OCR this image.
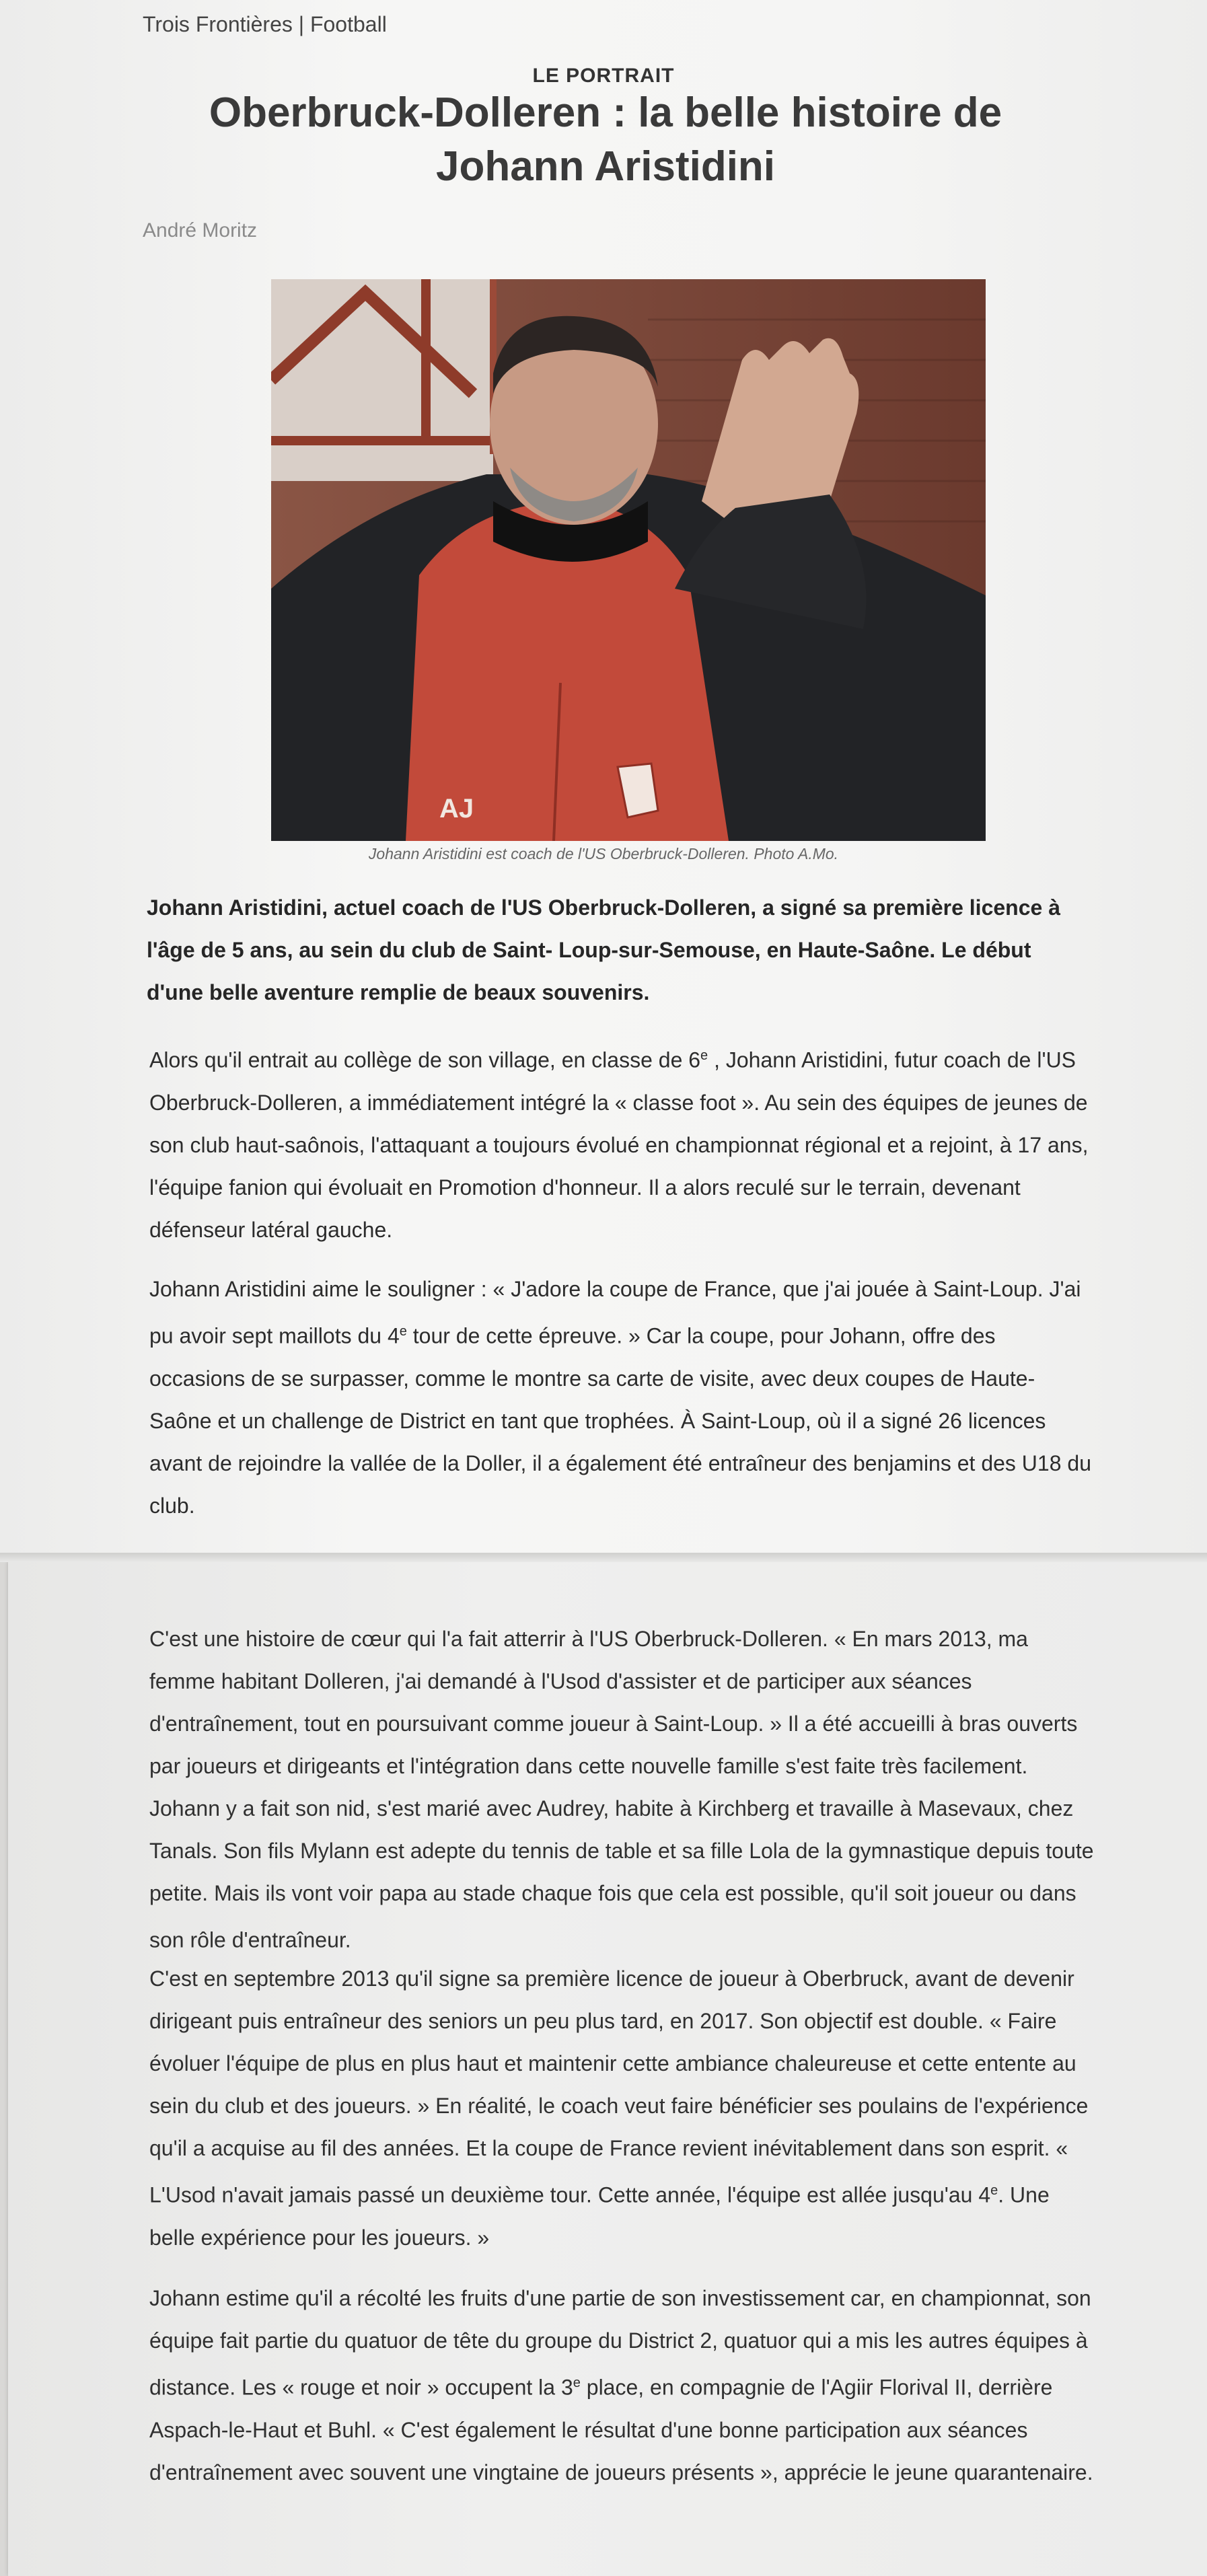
Trois Frontières | Football
LE PORTRAIT
Oberbruck-Dolleren : la belle histoire de Johann Aristidini
André Moritz
AJ
Johann Aristidini est coach de l'US Oberbruck-Dolleren. Photo A.Mo.
Johann Aristidini, actuel coach de l'US Oberbruck-Dolleren, a signé sa première licence à l'âge de 5 ans, au sein du club de Saint- Loup-sur-Semouse, en Haute-Saône. Le début d'une belle aventure remplie de beaux souvenirs.
Alors qu'il entrait au collège de son village, en classe de 6e , Johann Aristidini, futur coach de l'US Oberbruck-Dolleren, a immédiatement intégré la « classe foot ». Au sein des équipes de jeunes de son club haut-saônois, l'attaquant a toujours évolué en championnat régional et a rejoint, à 17 ans, l'équipe fanion qui évoluait en Promotion d'honneur. Il a alors reculé sur le terrain, devenant défenseur latéral gauche.
Johann Aristidini aime le souligner : « J'adore la coupe de France, que j'ai jouée à Saint-Loup. J'ai pu avoir sept maillots du 4e tour de cette épreuve. » Car la coupe, pour Johann, offre des occasions de se surpasser, comme le montre sa carte de visite, avec deux coupes de Haute-Saône et un challenge de District en tant que trophées. À Saint-Loup, où il a signé 26 licences avant de rejoindre la vallée de la Doller, il a également été entraîneur des benjamins et des U18 du club.
C'est une histoire de cœur qui l'a fait atterrir à l'US Oberbruck-Dolleren. « En mars 2013, ma femme habitant Dolleren, j'ai demandé à l'Usod d'assister et de participer aux séances d'entraînement, tout en poursuivant comme joueur à Saint-Loup. » Il a été accueilli à bras ouverts par joueurs et dirigeants et l'intégration dans cette nouvelle famille s'est faite très facilement. Johann y a fait son nid, s'est marié avec Audrey, habite à Kirchberg et travaille à Masevaux, chez Tanals. Son fils Mylann est adepte du tennis de table et sa fille Lola de la gymnastique depuis toute petite. Mais ils vont voir papa au stade chaque fois que cela est possible, qu'il soit joueur ou dans son rôle d'entraîneur.
C'est en septembre 2013 qu'il signe sa première licence de joueur à Oberbruck, avant de devenir dirigeant puis entraîneur des seniors un peu plus tard, en 2017. Son objectif est double. « Faire évoluer l'équipe de plus en plus haut et maintenir cette ambiance chaleureuse et cette entente au sein du club et des joueurs. » En réalité, le coach veut faire bénéficier ses poulains de l'expérience qu'il a acquise au fil des années. Et la coupe de France revient inévitablement dans son esprit. « L'Usod n'avait jamais passé un deuxième tour. Cette année, l'équipe est allée jusqu'au 4e. Une belle expérience pour les joueurs. »
Johann estime qu'il a récolté les fruits d'une partie de son investissement car, en championnat, son équipe fait partie du quatuor de tête du groupe du District 2, quatuor qui a mis les autres équipes à distance. Les « rouge et noir » occupent la 3e place, en compagnie de l'Agiir Florival II, derrière Aspach-le-Haut et Buhl. « C'est également le résultat d'une bonne participation aux séances d'entraînement avec souvent une vingtaine de joueurs présents », apprécie le jeune quarantenaire.
